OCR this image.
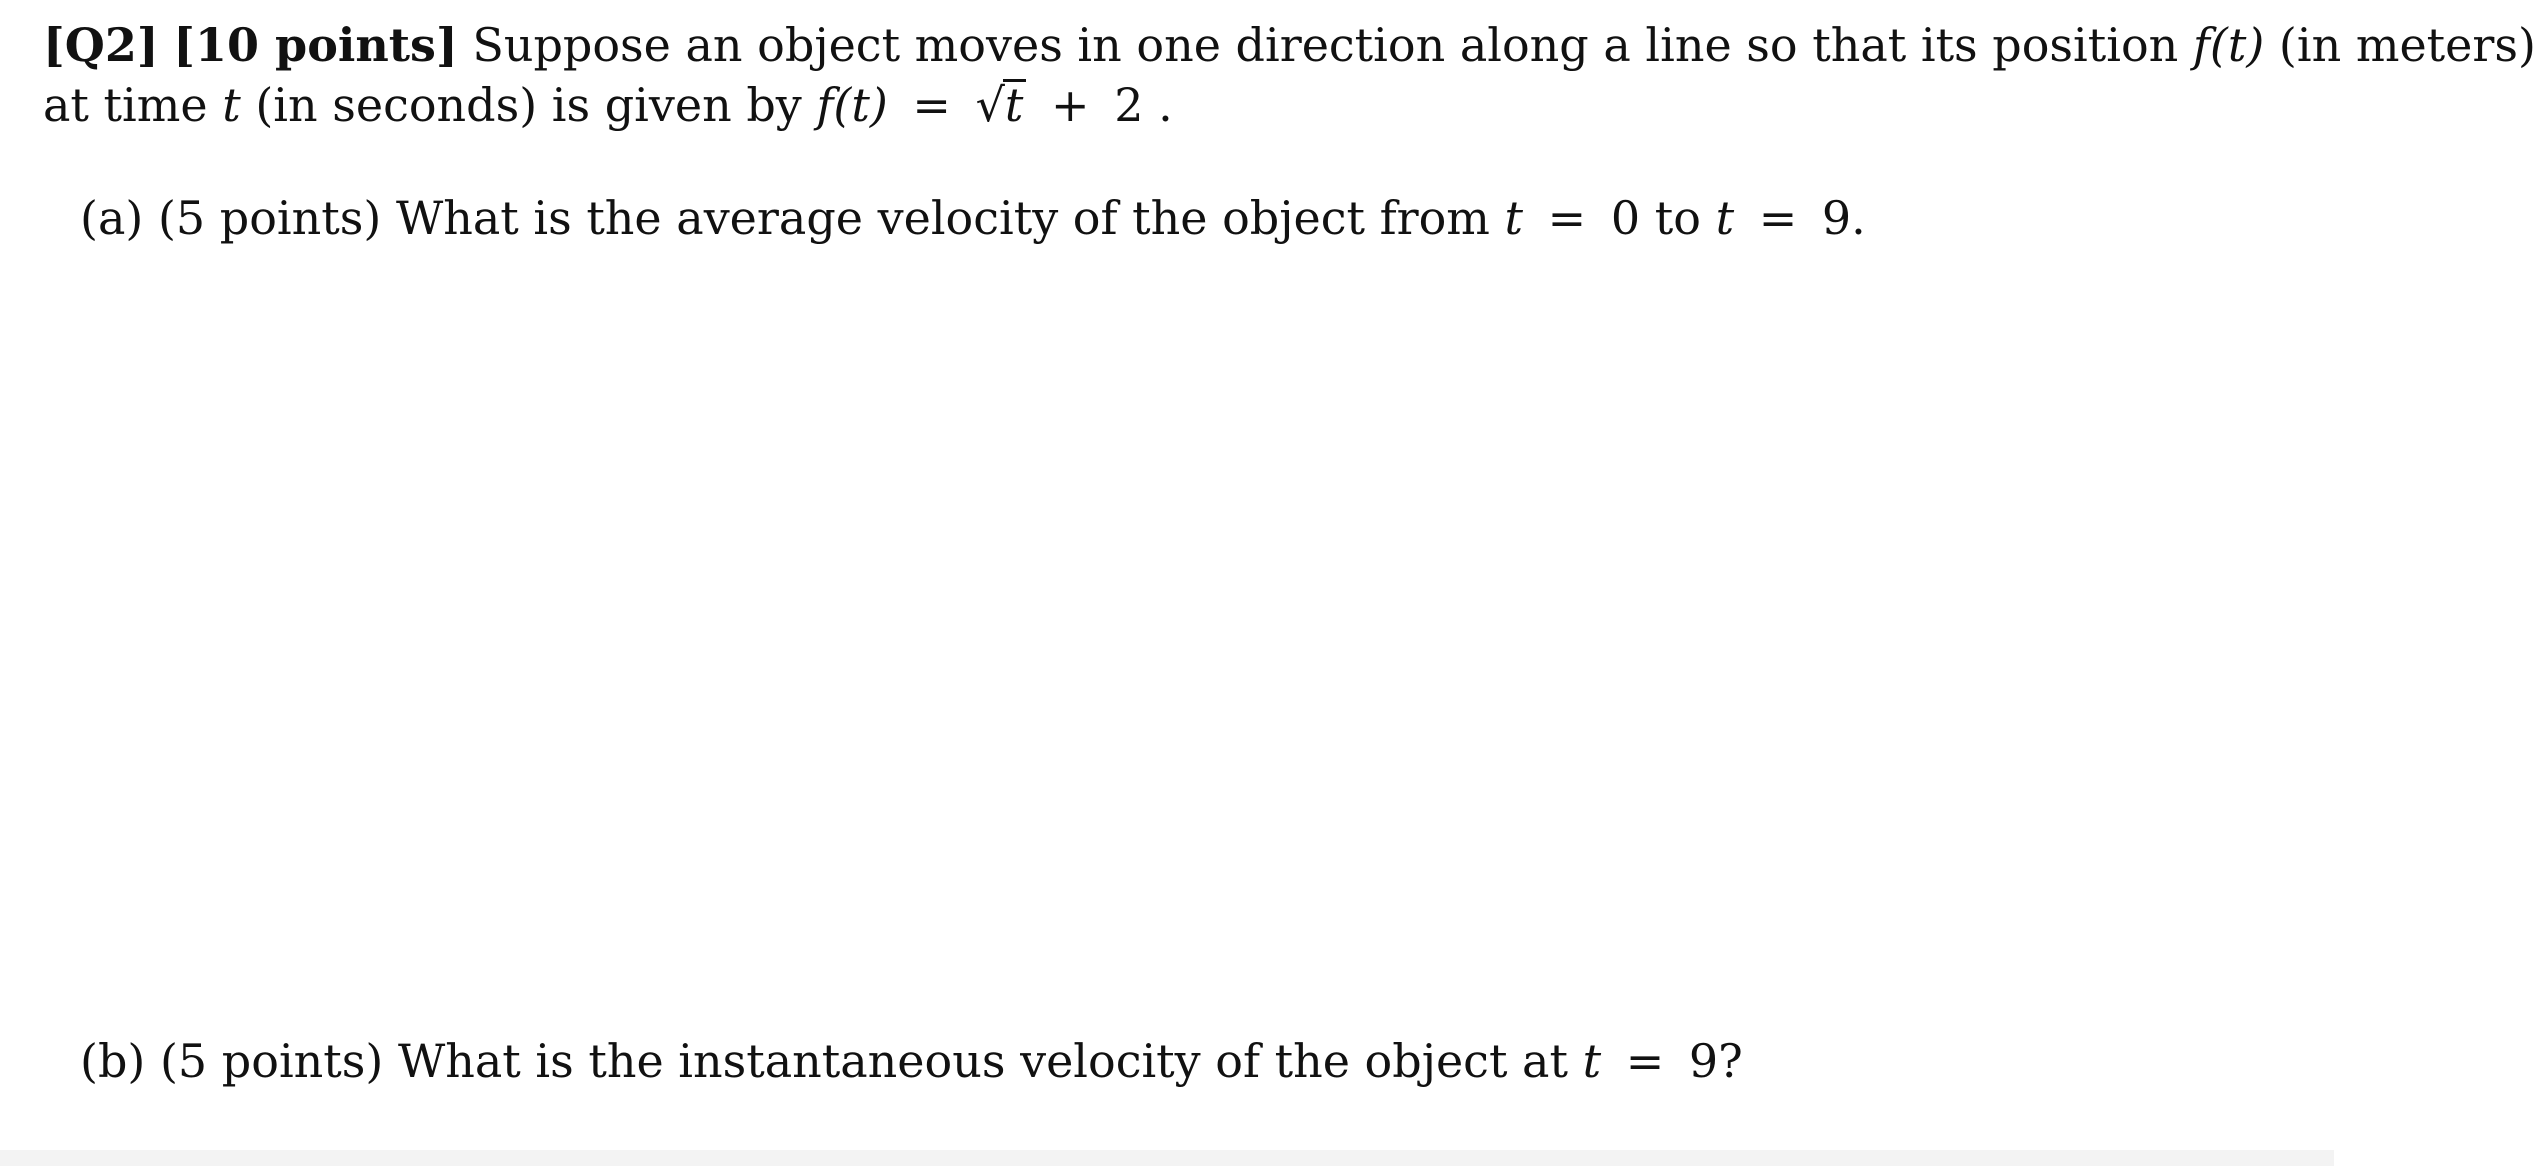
[Q2] [10 points] Suppose an object moves in one direction along a line so that its position f(t) (in meters)
at time t (in seconds) is given by f(t) = √t + 2 .
(a) (5 points) What is the average velocity of the object from t = 0 to t = 9.
(b) (5 points) What is the instantaneous velocity of the object at t = 9?
